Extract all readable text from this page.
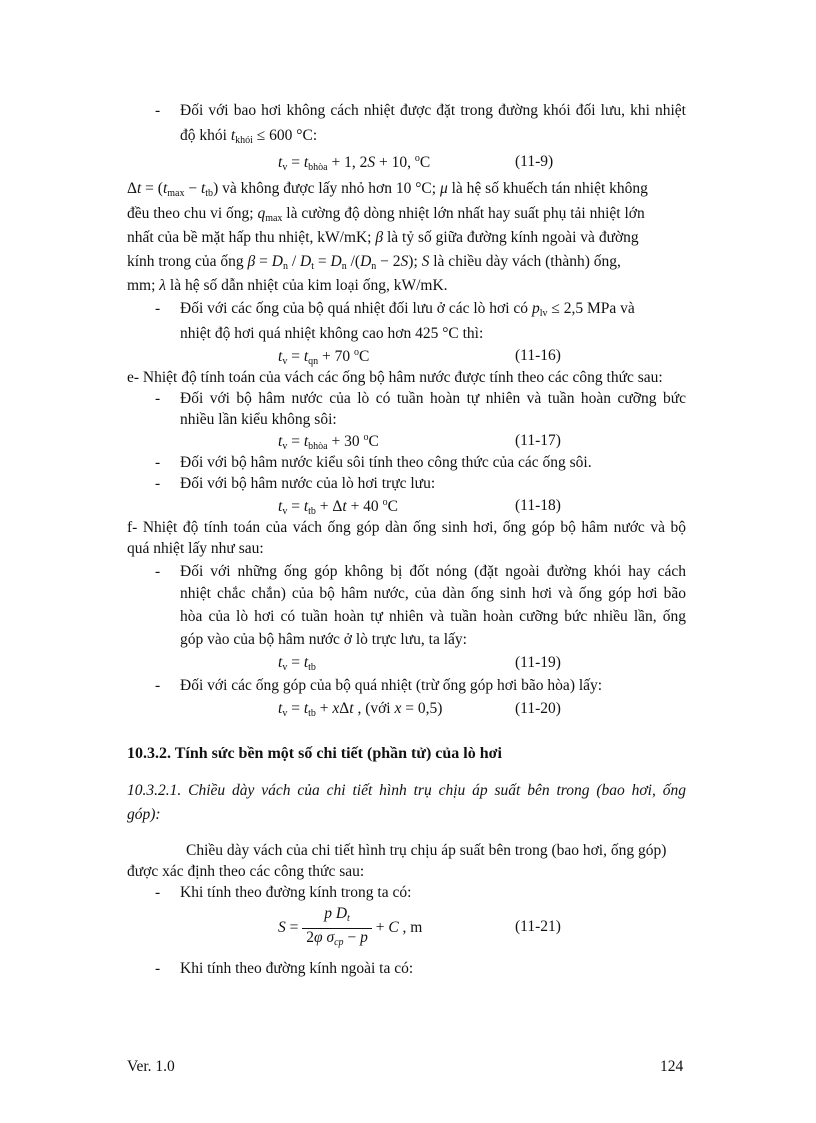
- Đối với bao hơi không cách nhiệt được đặt trong đường khói đối lưu, khi nhiệt
độ khói $t_{khói} \le 600$ °C:
$t_v = t_{bhòa} + 1$, 2S + 10, $^o$C	(11-9)
$\Delta t = (t_{max} - t_{tb})$ và không được lấy nhỏ hơn 10 °C; μ là hệ số khuếch tán nhiệt không
đều theo chu vi ống; $q_{max}$ là cường độ dòng nhiệt lớn nhất hay suất phụ tải nhiệt lớn
nhất của bề mặt hấp thu nhiệt, kW/mK; β là tỷ số giữa đường kính ngoài và đường
kính trong của ống $\beta = D_n / D_t = D_n$ $/(D_n - 2S)$; S là chiều dày vách (thành) ống,
mm; λ là hệ số dẫn nhiệt của kim loại ống, kW/mK.
- Đối với các ống của bộ quá nhiệt đối lưu ở các lò hơi có $p_{lv} \le 2,5$ MPa và
nhiệt độ hơi quá nhiệt không cao hơn 425 °C thì:
$t_v = t_{qn} + 70$ $^o$C	(11-16)
e- Nhiệt độ tính toán của vách các ống bộ hâm nước được tính theo các công thức sau:
- Đối với bộ hâm nước của lò có tuần hoàn tự nhiên và tuần hoàn cưỡng bức
nhiều lần kiểu không sôi:
$t_v = t_{bhòa} + 30$ $^o$C	(11-17)
- Đối với bộ hâm nước kiểu sôi tính theo công thức của các ống sôi.
- Đối với bộ hâm nước của lò hơi trực lưu:
$t_v = t_{tb} + \Delta t + 40$ $^o$C	(11-18)
f- Nhiệt độ tính toán của vách ống góp dàn ống sinh hơi, ống góp bộ hâm nước và bộ
quá nhiệt lấy như sau:
- Đối với những ống góp không bị đốt nóng (đặt ngoài đường khói hay cách
nhiệt chắc chắn) của bộ hâm nước, của dàn ống sinh hơi và ống góp hơi bão
hòa của lò hơi có tuần hoàn tự nhiên và tuần hoàn cưỡng bức nhiều lần, ống
góp vào của bộ hâm nước ở lò trực lưu, ta lấy:
$t_v = t_{tb}$	(11-19)
- Đối với các ống góp của bộ quá nhiệt (trừ ống góp hơi bão hòa) lấy:
$t_v = t_{tb} + x\Delta t$ , (với x = 0,5)	(11-20)
10.3.2. Tính sức bền một số chi tiết (phần tử) của lò hơi
10.3.2.1. Chiều dày vách của chi tiết hình trụ chịu áp suất bên trong (bao hơi, ống
góp):
Chiều dày vách của chi tiết hình trụ chịu áp suất bên trong (bao hơi, ống góp)
được xác định theo các công thức sau:
- Khi tính theo đường kính trong ta có:
$S = \frac{p D_t}{2\varphi \sigma_{cp} - p} + C$ , m	(11-21)
- Khi tính theo đường kính ngoài ta có:
Ver. 1.0	124
